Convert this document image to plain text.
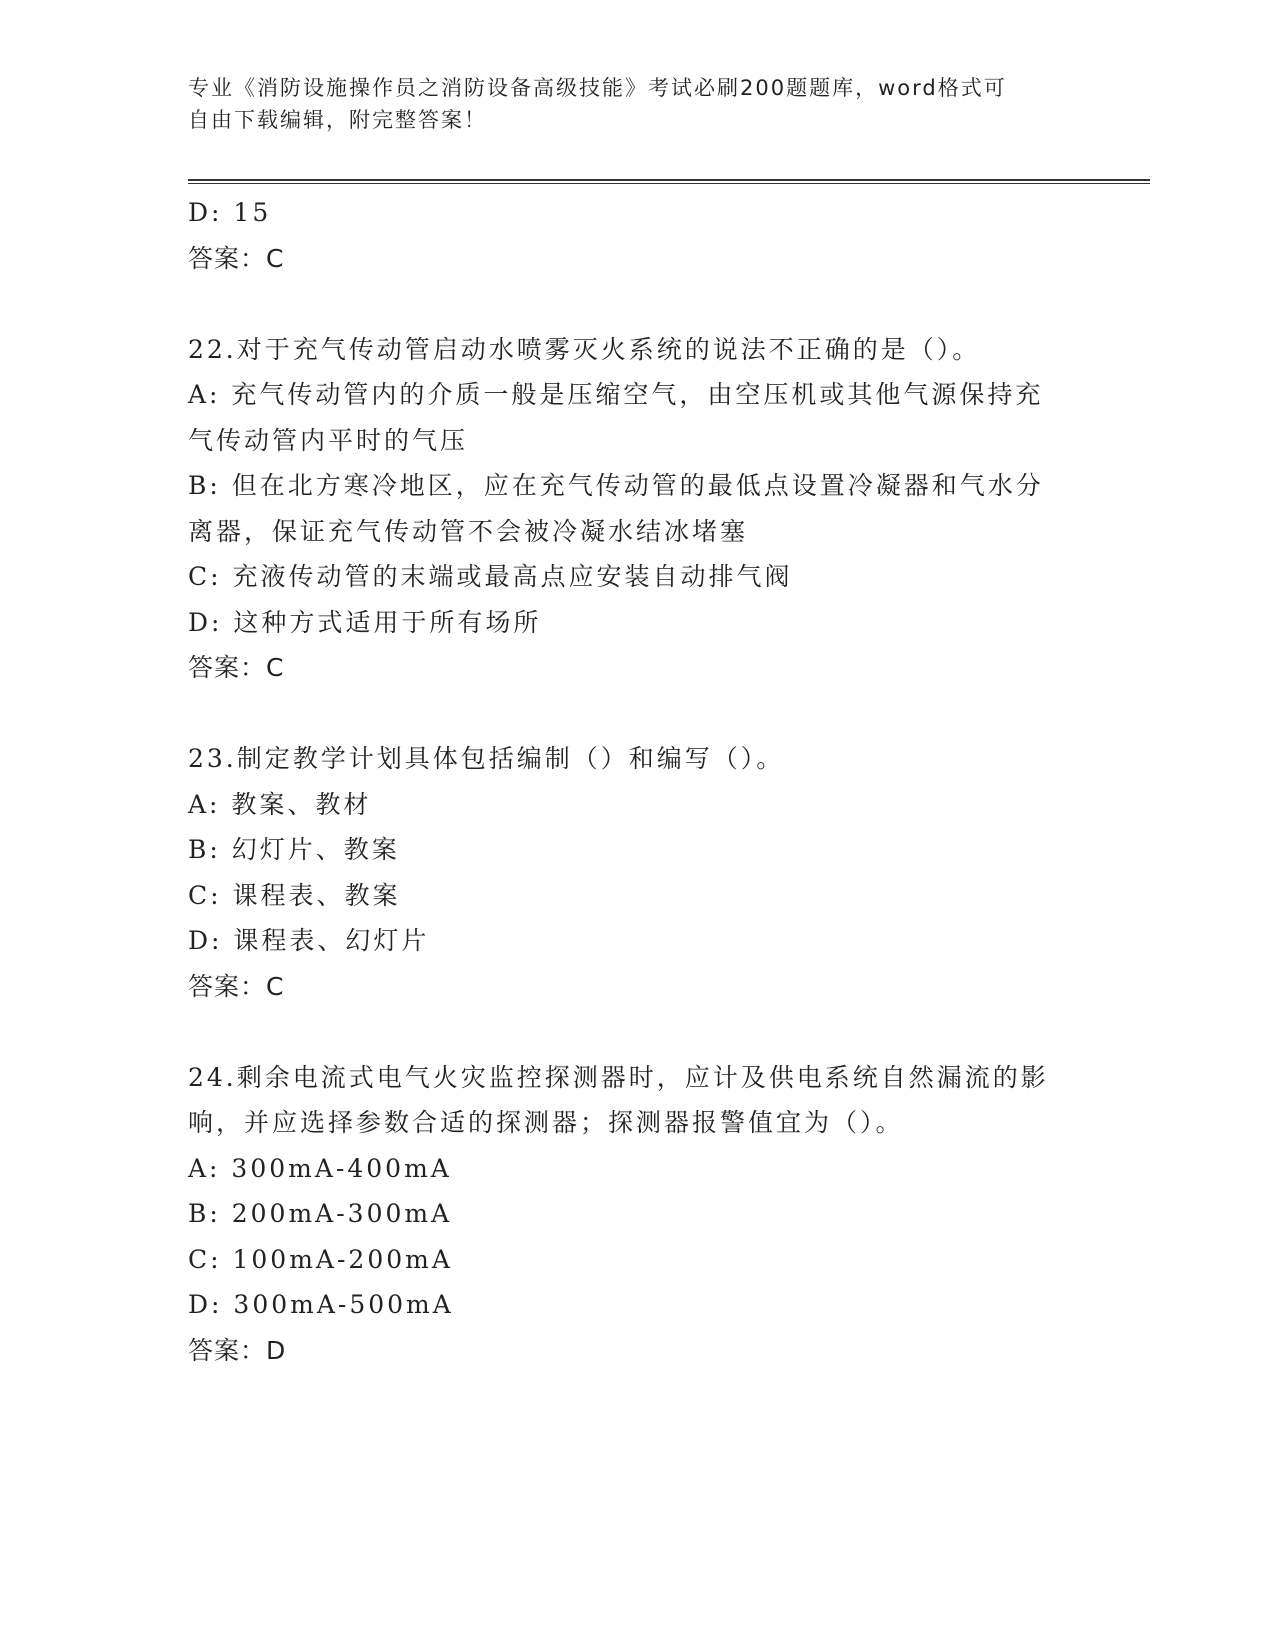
专业《消防设施操作员之消防设备高级技能》考试必刷200题题库，word格式可
自由下载编辑，附完整答案！
D: 15
答案：C
22.对于充气传动管启动水喷雾灭火系统的说法不正确的是（）。
A: 充气传动管内的介质一般是压缩空气，由空压机或其他气源保持充
气传动管内平时的气压
B: 但在北方寒冷地区，应在充气传动管的最低点设置冷凝器和气水分
离器，保证充气传动管不会被冷凝水结冰堵塞
C: 充液传动管的末端或最高点应安装自动排气阀
D: 这种方式适用于所有场所
答案：C
23.制定教学计划具体包括编制（）和编写（）。
A: 教案、教材
B: 幻灯片、教案
C: 课程表、教案
D: 课程表、幻灯片
答案：C
24.剩余电流式电气火灾监控探测器时，应计及供电系统自然漏流的影
响，并应选择参数合适的探测器；探测器报警值宜为（）。
A: 300mA-400mA
B: 200mA-300mA
C: 100mA-200mA
D: 300mA-500mA
答案：D
